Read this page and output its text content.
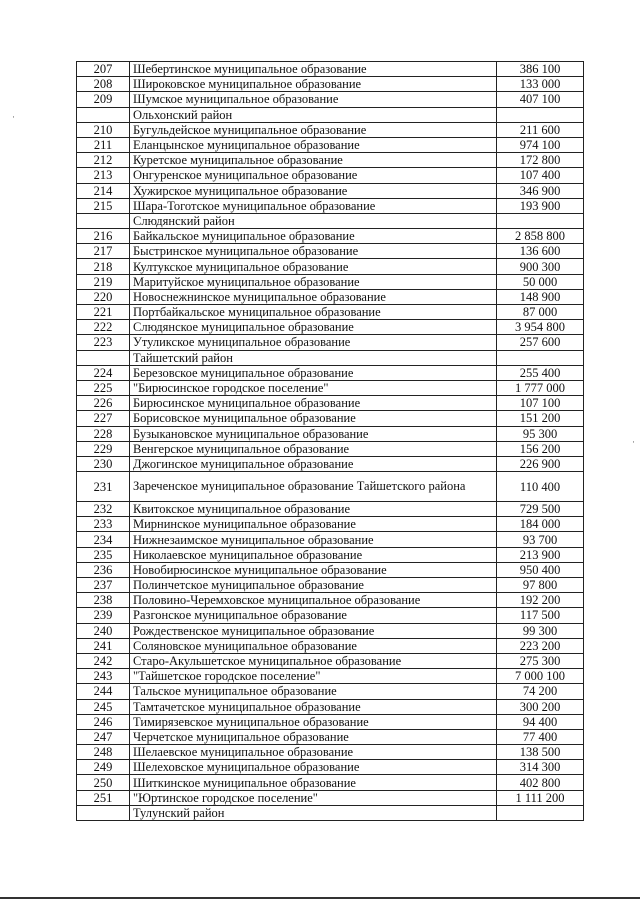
207	Шебертинское муниципальное образование	386 100
208	Широковское муниципальное образование	133 000
209	Шумское муниципальное образование	407 100
	Ольхонский район	
210	Бугульдейское муниципальное образование	211 600
211	Еланцынское муниципальное образование	974 100
212	Куретское муниципальное образование	172 800
213	Онгуренское муниципальное образование	107 400
214	Хужирское муниципальное образование	346 900
215	Шара-Тоготское муниципальное образование	193 900
	Слюдянский район	
216	Байкальское муниципальное образование	2 858 800
217	Быстринское муниципальное образование	136 600
218	Култукское муниципальное образование	900 300
219	Маритуйское муниципальное образование	50 000
220	Новоснежнинское муниципальное образование	148 900
221	Портбайкальское муниципальное образование	87 000
222	Слюдянское муниципальное образование	3 954 800
223	Утуликское муниципальное образование	257 600
	Тайшетский район	
224	Березовское муниципальное образование	255 400
225	"Бирюсинское городское поселение"	1 777 000
226	Бирюсинское муниципальное образование	107 100
227	Борисовское муниципальное образование	151 200
228	Бузыкановское муниципальное образование	95 300
229	Венгерское муниципальное образование	156 200
230	Джогинское муниципальное образование	226 900
231	Зареченское муниципальное образование Тайшетского района	110 400
232	Квитокское муниципальное образование	729 500
233	Мирнинское муниципальное образование	184 000
234	Нижнезаимское муниципальное образование	93 700
235	Николаевское муниципальное образование	213 900
236	Новобирюсинское муниципальное образование	950 400
237	Полинчетское муниципальное образование	97 800
238	Половино-Черемховское муниципальное образование	192 200
239	Разгонское муниципальное образование	117 500
240	Рождественское муниципальное образование	99 300
241	Соляновское муниципальное образование	223 200
242	Старо-Акульшетское муниципальное образование	275 300
243	"Тайшетское городское поселение"	7 000 100
244	Тальское муниципальное образование	74 200
245	Тамтачетское муниципальное образование	300 200
246	Тимирязевское муниципальное образование	94 400
247	Черчетское муниципальное образование	77 400
248	Шелаевское муниципальное образование	138 500
249	Шелеховское муниципальное образование	314 300
250	Шиткинское муниципальное образование	402 800
251	"Юртинское городское поселение"	1 111 200
	Тулунский район	
·
·
